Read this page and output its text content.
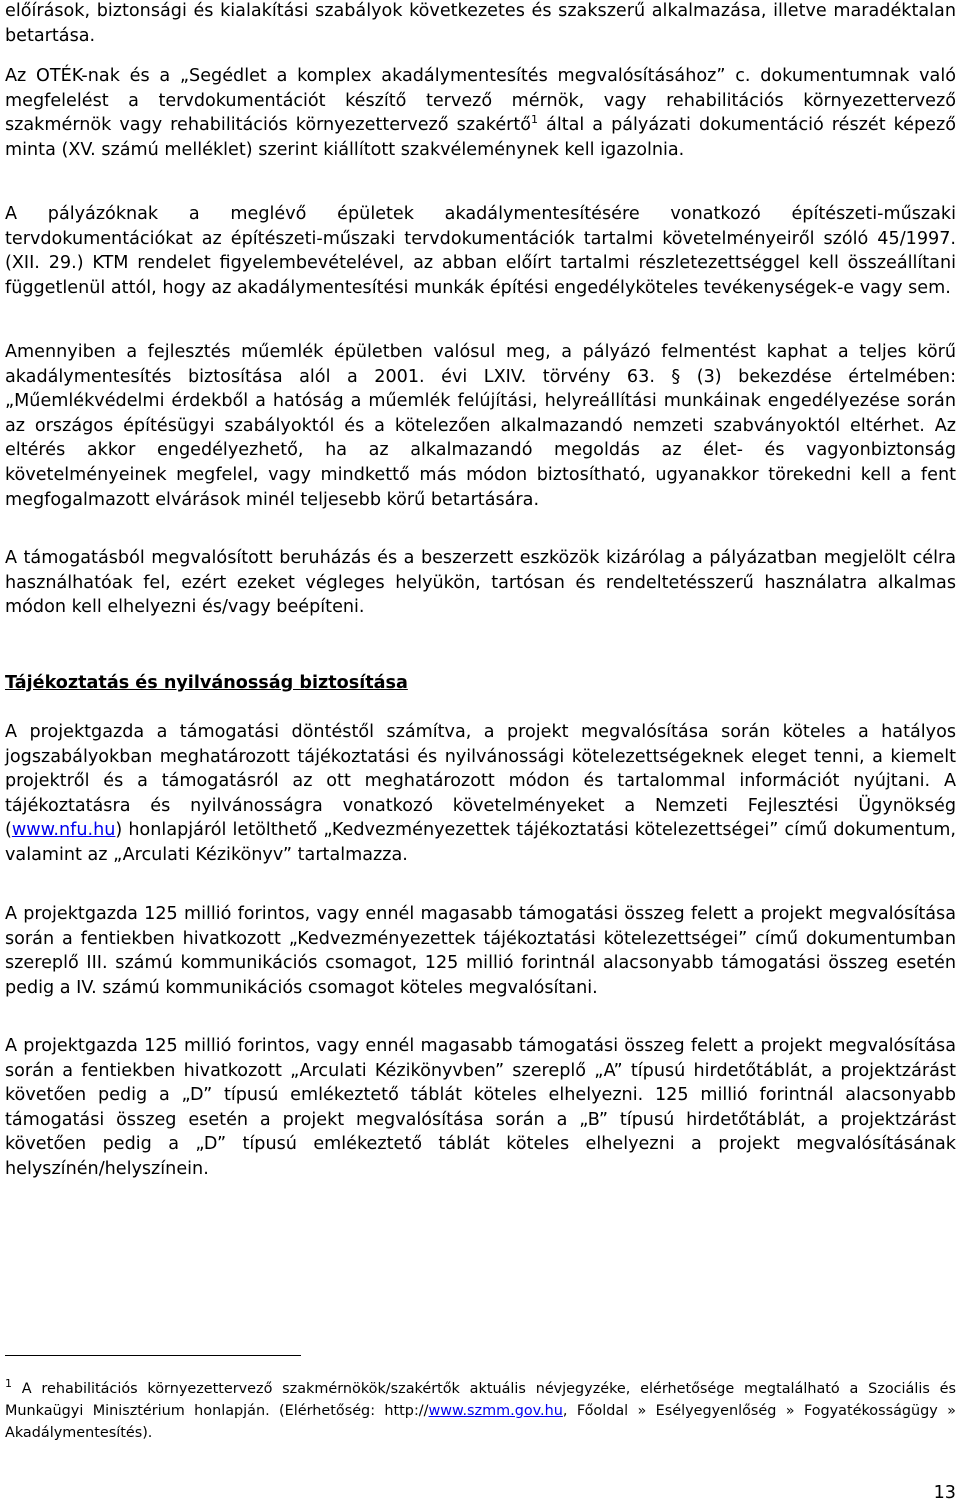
előírások, biztonsági és kialakítási szabályok következetes és szakszerű alkalmazása, illetve maradéktalan betartása.

Az OTÉK-nak és a „Segédlet a komplex akadálymentesítés megvalósításához” c. dokumentumnak való megfelelést a tervdokumentációt készítő tervező mérnök, vagy rehabilitációs környezettervező szakmérnök vagy rehabilitációs környezettervező szakértő$^1$ által a pályázati dokumentáció részét képező minta (XV. számú melléklet) szerint kiállított szakvéleménynek kell igazolnia.

A pályázóknak a meglévő épületek akadálymentesítésére vonatkozó építészeti-műszaki tervdokumentációkat az építészeti-műszaki tervdokumentációk tartalmi követelményeiről szóló 45/1997. (XII. 29.) KTM rendelet figyelembevételével, az abban előírt tartalmi részletezettséggel kell összeállítani függetlenül attól, hogy az akadálymentesítési munkák építési engedélyköteles tevékenységek-e vagy sem.

Amennyiben a fejlesztés műemlék épületben valósul meg, a pályázó felmentést kaphat a teljes körű akadálymentesítés biztosítása alól a 2001. évi LXIV. törvény 63. § (3) bekezdése értelmében: „Műemlékvédelmi érdekből a hatóság a műemlék felújítási, helyreállítási munkáinak engedélyezése során az országos építésügyi szabályoktól és a kötelezően alkalmazandó nemzeti szabványoktól eltérhet. Az eltérés akkor engedélyezhető, ha az alkalmazandó megoldás az élet- és vagyonbiztonság követelményeinek megfelel, vagy mindkettő más módon biztosítható, ugyanakkor törekedni kell a fent megfogalmazott elvárások minél teljesebb körű betartására.

A támogatásból megvalósított beruházás és a beszerzett eszközök kizárólag a pályázatban megjelölt célra használhatóak fel, ezért ezeket végleges helyükön, tartósan és rendeltetésszerű használatra alkalmas módon kell elhelyezni és/vagy beépíteni.

Tájékoztatás és nyilvánosság biztosítása

A projektgazda a támogatási döntéstől számítva, a projekt megvalósítása során köteles a hatályos jogszabályokban meghatározott tájékoztatási és nyilvánossági kötelezettségeknek eleget tenni, a kiemelt projektről és a támogatásról az ott meghatározott módon és tartalommal információt nyújtani. A tájékoztatásra és nyilvánosságra vonatkozó követelményeket a Nemzeti Fejlesztési Ügynökség (www.nfu.hu) honlapjáról letölthető „Kedvezményezettek tájékoztatási kötelezettségei” című dokumentum, valamint az „Arculati Kézikönyv” tartalmazza.

A projektgazda 125 millió forintos, vagy ennél magasabb támogatási összeg felett a projekt megvalósítása során a fentiekben hivatkozott „Kedvezményezettek tájékoztatási kötelezettségei” című dokumentumban szereplő III. számú kommunikációs csomagot, 125 millió forintnál alacsonyabb támogatási összeg esetén pedig a IV. számú kommunikációs csomagot köteles megvalósítani.

A projektgazda 125 millió forintos, vagy ennél magasabb támogatási összeg felett a projekt megvalósítása során a fentiekben hivatkozott „Arculati Kézikönyvben” szereplő „A” típusú hirdetőtáblát, a projektzárást követően pedig a „D” típusú emlékeztető táblát köteles elhelyezni. 125 millió forintnál alacsonyabb támogatási összeg esetén a projekt megvalósítása során a „B” típusú hirdetőtáblát, a projektzárást követően pedig a „D” típusú emlékeztető táblát köteles elhelyezni a projekt megvalósításának helyszínén/helyszínein.

$^1$ A rehabilitációs környezettervező szakmérnökök/szakértők aktuális névjegyzéke, elérhetősége megtalálható a Szociális és Munkaügyi Minisztérium honlapján. (Elérhetőség: http://www.szmm.gov.hu, Főoldal » Esélyegyenlőség » Fogyatékosságügy » Akadálymentesítés).

13
